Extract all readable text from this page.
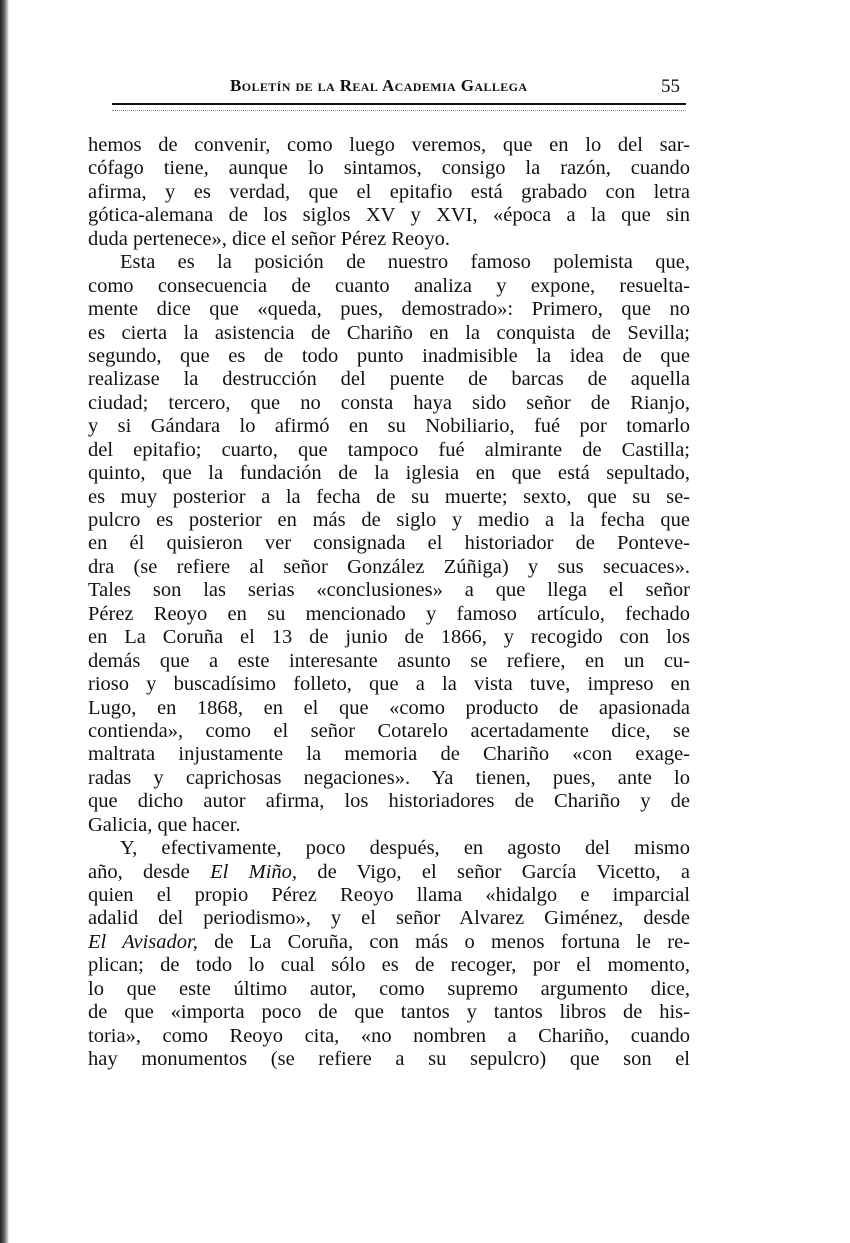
Boletín de la Real Academia Gallega	55
hemos de convenir, como luego veremos, que en lo del sar-
cófago tiene, aunque lo sintamos, consigo la razón, cuando
afirma, y es verdad, que el epitafio está grabado con letra
gótica-alemana de los siglos XV y XVI, «época a la que sin
duda pertenece», dice el señor Pérez Reoyo.
Esta es la posición de nuestro famoso polemista que,
como consecuencia de cuanto analiza y expone, resuelta-
mente dice que «queda, pues, demostrado»: Primero, que no
es cierta la asistencia de Chariño en la conquista de Sevilla;
segundo, que es de todo punto inadmisible la idea de que
realizase la destrucción del puente de barcas de aquella
ciudad; tercero, que no consta haya sido señor de Rianjo,
y si Gándara lo afirmó en su Nobiliario, fué por tomarlo
del epitafio; cuarto, que tampoco fué almirante de Castilla;
quinto, que la fundación de la iglesia en que está sepultado,
es muy posterior a la fecha de su muerte; sexto, que su se-
pulcro es posterior en más de siglo y medio a la fecha que
en él quisieron ver consignada el historiador de Ponteve-
dra (se refiere al señor González Zúñiga) y sus secuaces».
Tales son las serias «conclusiones» a que llega el señor
Pérez Reoyo en su mencionado y famoso artículo, fechado
en La Coruña el 13 de junio de 1866, y recogido con los
demás que a este interesante asunto se refiere, en un cu-
rioso y buscadísimo folleto, que a la vista tuve, impreso en
Lugo, en 1868, en el que «como producto de apasionada
contienda», como el señor Cotarelo acertadamente dice, se
maltrata injustamente la memoria de Chariño «con exage-
radas y caprichosas negaciones». Ya tienen, pues, ante lo
que dicho autor afirma, los historiadores de Chariño y de
Galicia, que hacer.
Y, efectivamente, poco después, en agosto del mismo
año, desde El Miño, de Vigo, el señor García Vicetto, a
quien el propio Pérez Reoyo llama «hidalgo e imparcial
adalid del periodismo», y el señor Alvarez Giménez, desde
El Avisador, de La Coruña, con más o menos fortuna le re-
plican; de todo lo cual sólo es de recoger, por el momento,
lo que este último autor, como supremo argumento dice,
de que «importa poco de que tantos y tantos libros de his-
toria», como Reoyo cita, «no nombren a Chariño, cuando
hay monumentos (se refiere a su sepulcro) que son el
